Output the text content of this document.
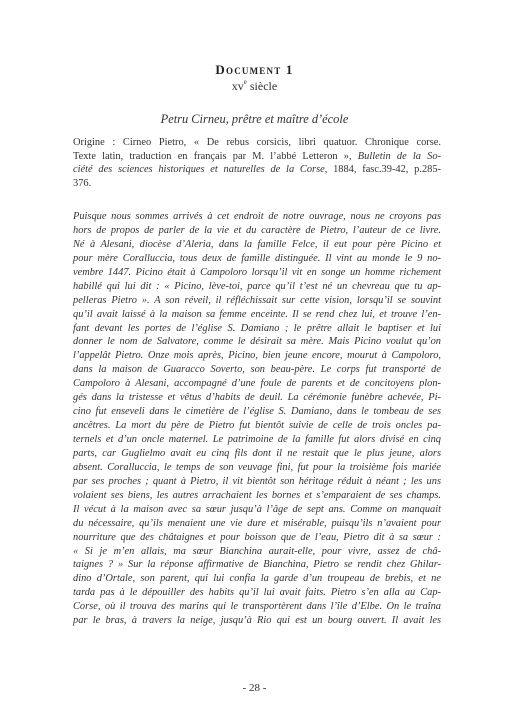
Document 1
$xv^e$ siècle
Petru Cirneu, prêtre et maître d’école
Origine : Cirneo Pietro, « De rebus corsicis, libri quatuor. Chronique corse.
Texte latin, traduction en français par M. l’abbé Letteron », Bulletin de la So-
ciété des sciences historiques et naturelles de la Corse, 1884, fasc.39-42, p.285-
376.
Puisque nous sommes arrivés à cet endroit de notre ouvrage, nous ne croyons pas
hors de propos de parler de la vie et du caractère de Pietro, l’auteur de ce livre.
Né à Alesani, diocèse d’Aleria, dans la famille Felce, il eut pour père Picino et
pour mère Coralluccia, tous deux de famille distinguée. Il vint au monde le 9 no-
vembre 1447. Picino était à Campoloro lorsqu’il vit en songe un homme richement
habillé qui lui dit : « Picino, lève-toi, parce qu’il t’est né un chevreau que tu ap-
pelleras Pietro ». A son réveil, il réfléchissait sur cette vision, lorsqu’il se souvint
qu’il avait laissé à la maison sa femme enceinte. Il se rend chez lui, et trouve l’en-
fant devant les portes de l’église S. Damiano ; le prêtre allait le baptiser et lui
donner le nom de Salvatore, comme le désirait sa mère. Mais Picino voulut qu’on
l’appelât Pietro. Onze mois après, Picino, bien jeune encore, mourut à Campoloro,
dans la maison de Guaracco Soverto, son beau-père. Le corps fut transporté de
Campoloro à Alesani, accompagné d’une foule de parents et de concitoyens plon-
gés dans la tristesse et vêtus d’habits de deuil. La cérémonie funèbre achevée, Pi-
cino fut enseveli dans le cimetière de l’église S. Damiano, dans le tombeau de ses
ancêtres. La mort du père de Pietro fut bientôt suivie de celle de trois oncles pa-
ternels et d’un oncle maternel. Le patrimoine de la famille fut alors divisé en cinq
parts, car Guglielmo avait eu cinq fils dont il ne restait que le plus jeune, alors
absent. Coralluccia, le temps de son veuvage fini, fut pour la troisième fois mariée
par ses proches ; quant à Pietro, il vit bientôt son héritage réduit à néant ; les uns
volaient ses biens, les autres arrachaient les bornes et s’emparaient de ses champs.
Il vécut à la maison avec sa sœur jusqu’à l’âge de sept ans. Comme on manquait
du nécessaire, qu’ils menaient une vie dure et misérable, puisqu’ils n’avaient pour
nourriture que des châtaignes et pour boisson que de l’eau, Pietro dit à sa sœur :
« Si je m’en allais, ma sœur Bianchina aurait-elle, pour vivre, assez de châ-
taignes ? » Sur la réponse affirmative de Bianchina, Pietro se rendit chez Ghilar-
dino d’Ortale, son parent, qui lui confia la garde d’un troupeau de brebis, et ne
tarda pas à le dépouiller des habits qu’il lui avait faits. Pietro s’en alla au Cap-
Corse, où il trouva des marins qui le transportèrent dans l’île d’Elbe. On le traîna
par le bras, à travers la neige, jusqu’à Rio qui est un bourg ouvert. Il avait les
- 28 -
